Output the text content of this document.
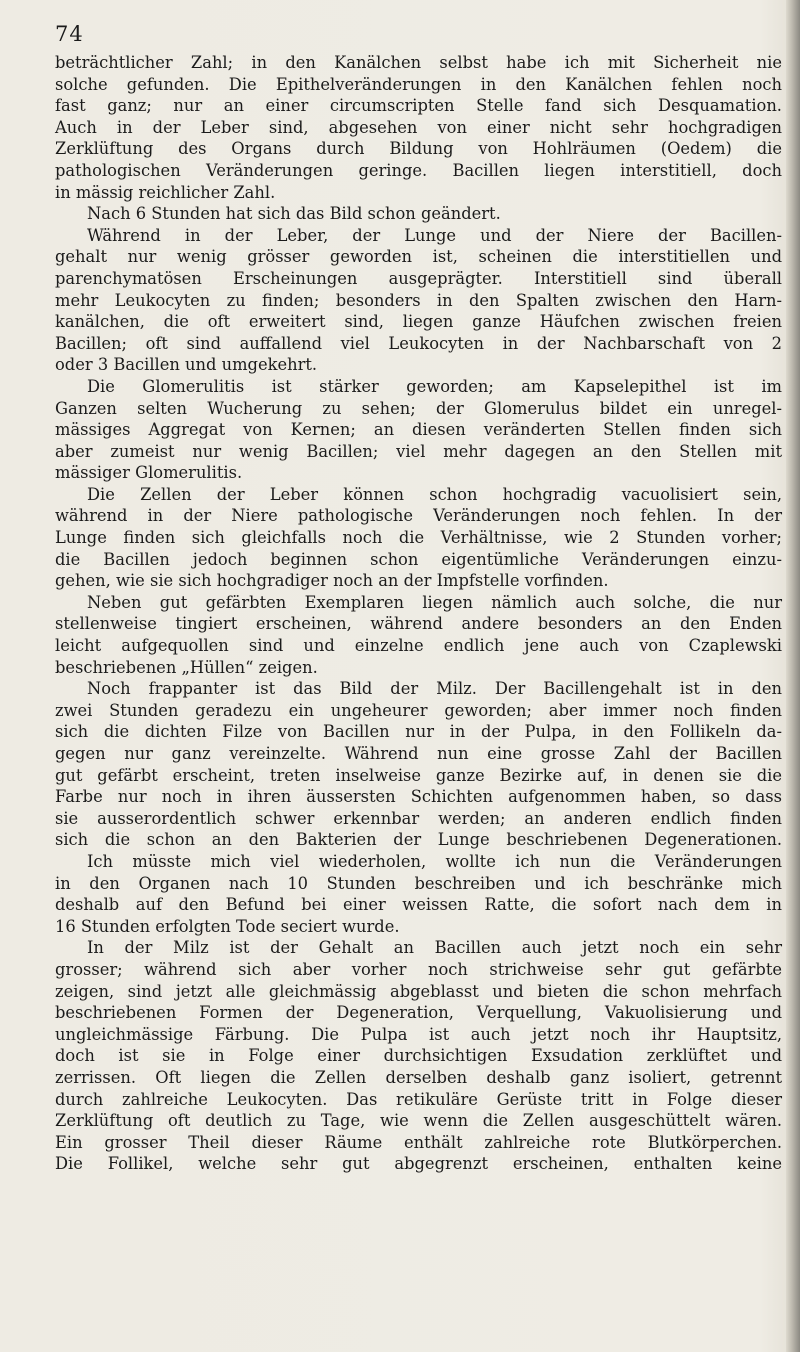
74
beträchtlicher Zahl; in den Kanälchen selbst habe ich mit Sicherheit nie
solche gefunden. Die Epithelveränderungen in den Kanälchen fehlen noch
fast ganz; nur an einer circumscripten Stelle fand sich Desquamation.
Auch in der Leber sind, abgesehen von einer nicht sehr hochgradigen
Zerklüftung des Organs durch Bildung von Hohlräumen (Oedem) die
pathologischen Veränderungen geringe. Bacillen liegen interstitiell, doch
in mässig reichlicher Zahl.
Nach 6 Stunden hat sich das Bild schon geändert.
Während in der Leber, der Lunge und der Niere der Bacillen-
gehalt nur wenig grösser geworden ist, scheinen die interstitiellen und
parenchymatösen Erscheinungen ausgeprägter. Interstitiell sind überall
mehr Leukocyten zu finden; besonders in den Spalten zwischen den Harn-
kanälchen, die oft erweitert sind, liegen ganze Häufchen zwischen freien
Bacillen; oft sind auffallend viel Leukocyten in der Nachbarschaft von 2
oder 3 Bacillen und umgekehrt.
Die Glomerulitis ist stärker geworden; am Kapselepithel ist im
Ganzen selten Wucherung zu sehen; der Glomerulus bildet ein unregel-
mässiges Aggregat von Kernen; an diesen veränderten Stellen finden sich
aber zumeist nur wenig Bacillen; viel mehr dagegen an den Stellen mit
mässiger Glomerulitis.
Die Zellen der Leber können schon hochgradig vacuolisiert sein,
während in der Niere pathologische Veränderungen noch fehlen. In der
Lunge finden sich gleichfalls noch die Verhältnisse, wie 2 Stunden vorher;
die Bacillen jedoch beginnen schon eigentümliche Veränderungen einzu-
gehen, wie sie sich hochgradiger noch an der Impfstelle vorfinden.
Neben gut gefärbten Exemplaren liegen nämlich auch solche, die nur
stellenweise tingiert erscheinen, während andere besonders an den Enden
leicht aufgequollen sind und einzelne endlich jene auch von Czaplewski
beschriebenen „Hüllen“ zeigen.
Noch frappanter ist das Bild der Milz. Der Bacillengehalt ist in den
zwei Stunden geradezu ein ungeheurer geworden; aber immer noch finden
sich die dichten Filze von Bacillen nur in der Pulpa, in den Follikeln da-
gegen nur ganz vereinzelte. Während nun eine grosse Zahl der Bacillen
gut gefärbt erscheint, treten inselweise ganze Bezirke auf, in denen sie die
Farbe nur noch in ihren äussersten Schichten aufgenommen haben, so dass
sie ausserordentlich schwer erkennbar werden; an anderen endlich finden
sich die schon an den Bakterien der Lunge beschriebenen Degenerationen.
Ich müsste mich viel wiederholen, wollte ich nun die Veränderungen
in den Organen nach 10 Stunden beschreiben und ich beschränke mich
deshalb auf den Befund bei einer weissen Ratte, die sofort nach dem in
16 Stunden erfolgten Tode seciert wurde.
In der Milz ist der Gehalt an Bacillen auch jetzt noch ein sehr
grosser; während sich aber vorher noch strichweise sehr gut gefärbte
zeigen, sind jetzt alle gleichmässig abgeblasst und bieten die schon mehrfach
beschriebenen Formen der Degeneration, Verquellung, Vakuolisierung und
ungleichmässige Färbung. Die Pulpa ist auch jetzt noch ihr Hauptsitz,
doch ist sie in Folge einer durchsichtigen Exsudation zerklüftet und
zerrissen. Oft liegen die Zellen derselben deshalb ganz isoliert, getrennt
durch zahlreiche Leukocyten. Das retikuläre Gerüste tritt in Folge dieser
Zerklüftung oft deutlich zu Tage, wie wenn die Zellen ausgeschüttelt wären.
Ein grosser Theil dieser Räume enthält zahlreiche rote Blutkörperchen.
Die Follikel, welche sehr gut abgegrenzt erscheinen, enthalten keine
